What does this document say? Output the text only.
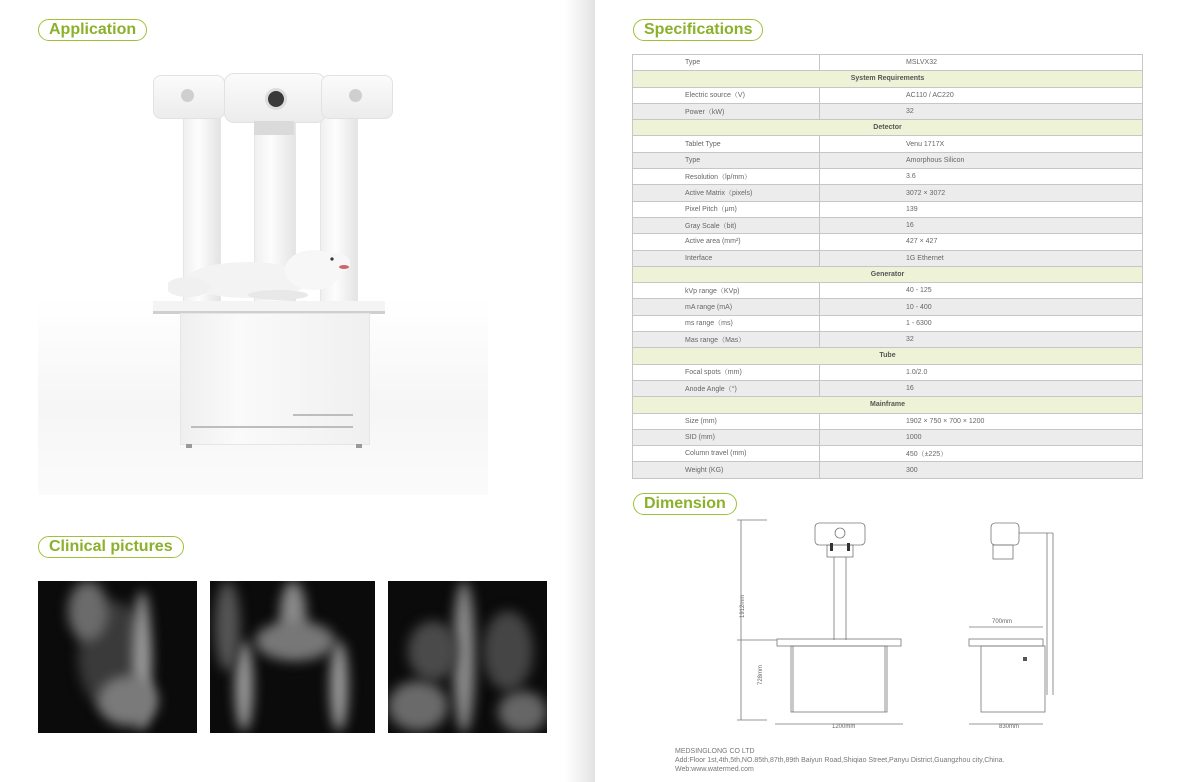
Application
Clinical pictures
Specifications
Type	MSLVX32
System Requirements	
Electric source（V)	AC110 / AC220
Power（kW)	32
Detector	
Tablet Type	Venu 1717X
Type	Amorphous Silicon
Resolution（lp/mm）	3.6
Active Matrix（pixels)	3072 × 3072
Pixel Pitch（μm)	139
Gray Scale（bit)	16
Active area (mm²)	427 × 427
Interface	1G Ethernet
Generator	
kVp range（KVp)	40 - 125
mA range (mA)	10 - 400
ms range（ms)	1 - 6300
Mas range（Mas）	32
Tube	
Focal spots（mm)	1.0/2.0
Anode Angle（°)	16
Mainframe	
Size (mm)	1902 × 750 × 700 × 1200
SID (mm)	1000
Column travel (mm)	450（±225）
Weight (KG)	300
Dimension
1912mm
728mm
1200mm
700mm
830mm
MEDSINGLONG CO LTD
Add:Floor 1st,4th,5th,NO.85th,87th,89th Baiyun Road,Shiqiao Street,Panyu District,Guangzhou city,China.
Web:www.watermed.com
